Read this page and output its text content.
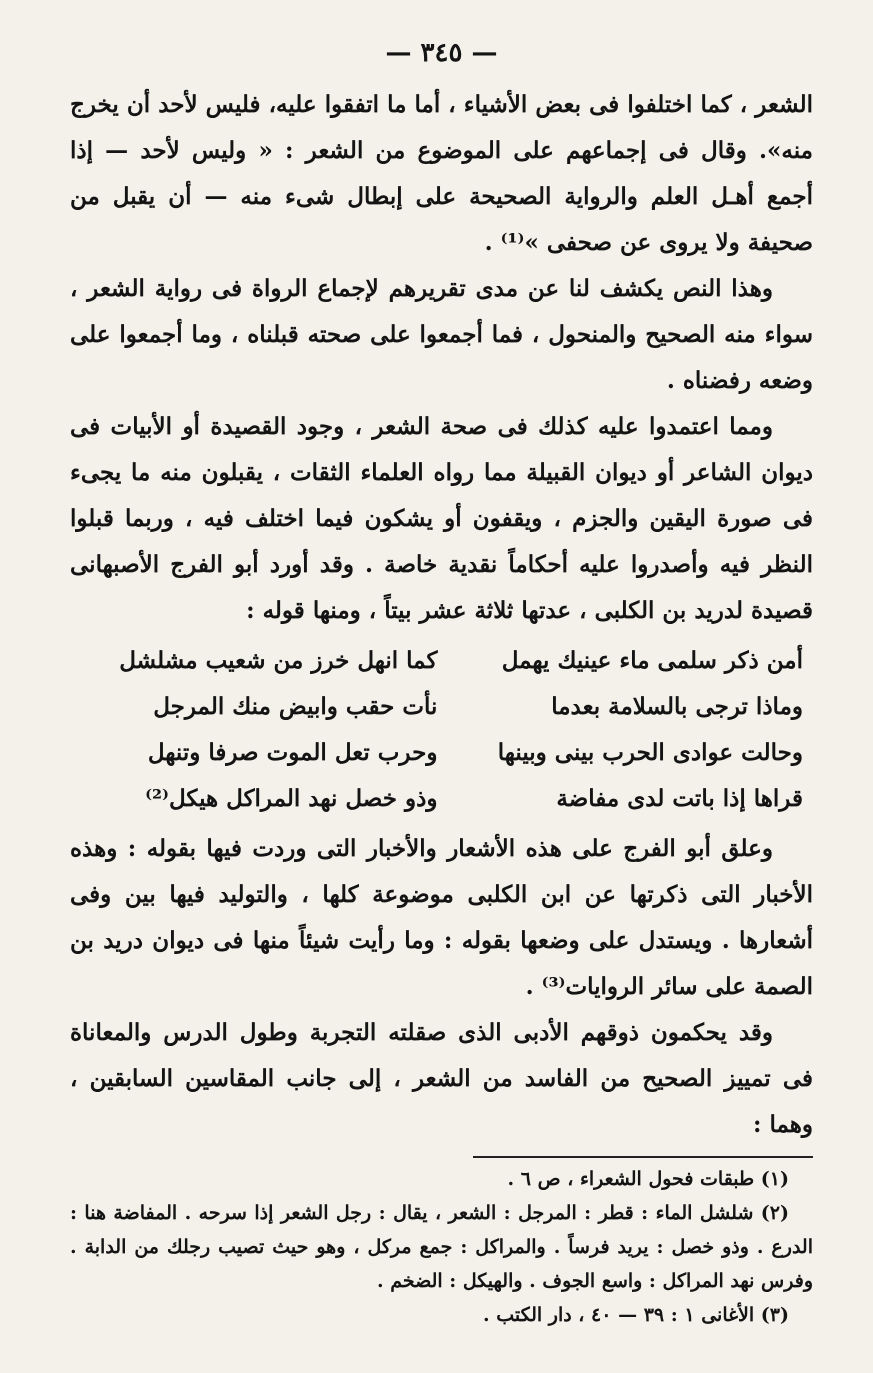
— ٣٤٥ —

الشعر ، كما اختلفوا فى بعض الأشياء ، أما ما اتفقوا عليه، فليس لأحد أن يخرج منه». وقال فى إجماعهم على الموضوع من الشعر : « وليس لأحد — إذا أجمع أهـل العلم والرواية الصحيحة على إبطال شىء منه — أن يقبل من صحيفة ولا يروى عن صحفى »⁽¹⁾ .

وهذا النص يكشف لنا عن مدى تقريرهم لإجماع الرواة فى رواية الشعر ، سواء منه الصحيح والمنحول ، فما أجمعوا على صحته قبلناه ، وما أجمعوا على وضعه رفضناه .

ومما اعتمدوا عليه كذلك فى صحة الشعر ، وجود القصيدة أو الأبيات فى ديوان الشاعر أو ديوان القبيلة مما رواه العلماء الثقات ، يقبلون منه ما يجىء فى صورة اليقين والجزم ، ويقفون أو يشكون فيما اختلف فيه ، وربما قبلوا النظر فيه وأصدروا عليه أحكاماً نقدية خاصة . وقد أورد أبو الفرج الأصبهانى قصيدة لدريد بن الكلبى ، عدتها ثلاثة عشر بيتاً ، ومنها قوله :

أمن ذكر سلمى ماء عينيك يهمل
كما انهل خرز من شعيب مشلشل
وماذا ترجى بالسلامة بعدما
نأت حقب وابيض منك المرجل
وحالت عوادى الحرب بينى وبينها
وحرب تعل الموت صرفا وتنهل
قراها إذا باتت لدى مفاضة
وذو خصل نهد المراكل هيكل⁽²⁾

وعلق أبو الفرج على هذه الأشعار والأخبار التى وردت فيها بقوله : وهذه الأخبار التى ذكرتها عن ابن الكلبى موضوعة كلها ، والتوليد فيها بين وفى أشعارها . ويستدل على وضعها بقوله : وما رأيت شيئاً منها فى ديوان دريد بن الصمة على سائر الروايات⁽³⁾ .

وقد يحكمون ذوقهم الأدبى الذى صقلته التجربة وطول الدرس والمعاناة فى تمييز الصحيح من الفاسد من الشعر ، إلى جانب المقاسين السابقين ، وهما :

(١) طبقات فحول الشعراء ، ص ٦ .

(٢) شلشل الماء : قطر : المرجل : الشعر ، يقال : رجل الشعر إذا سرحه . المفاضة هنا : الدرع . وذو خصل : يريد فرساً . والمراكل : جمع مركل ، وهو حيث تصيب رجلك من الدابة . وفرس نهد المراكل : واسع الجوف . والهيكل : الضخم .

(٣) الأغانى ١ : ٣٩ — ٤٠ ، دار الكتب .
